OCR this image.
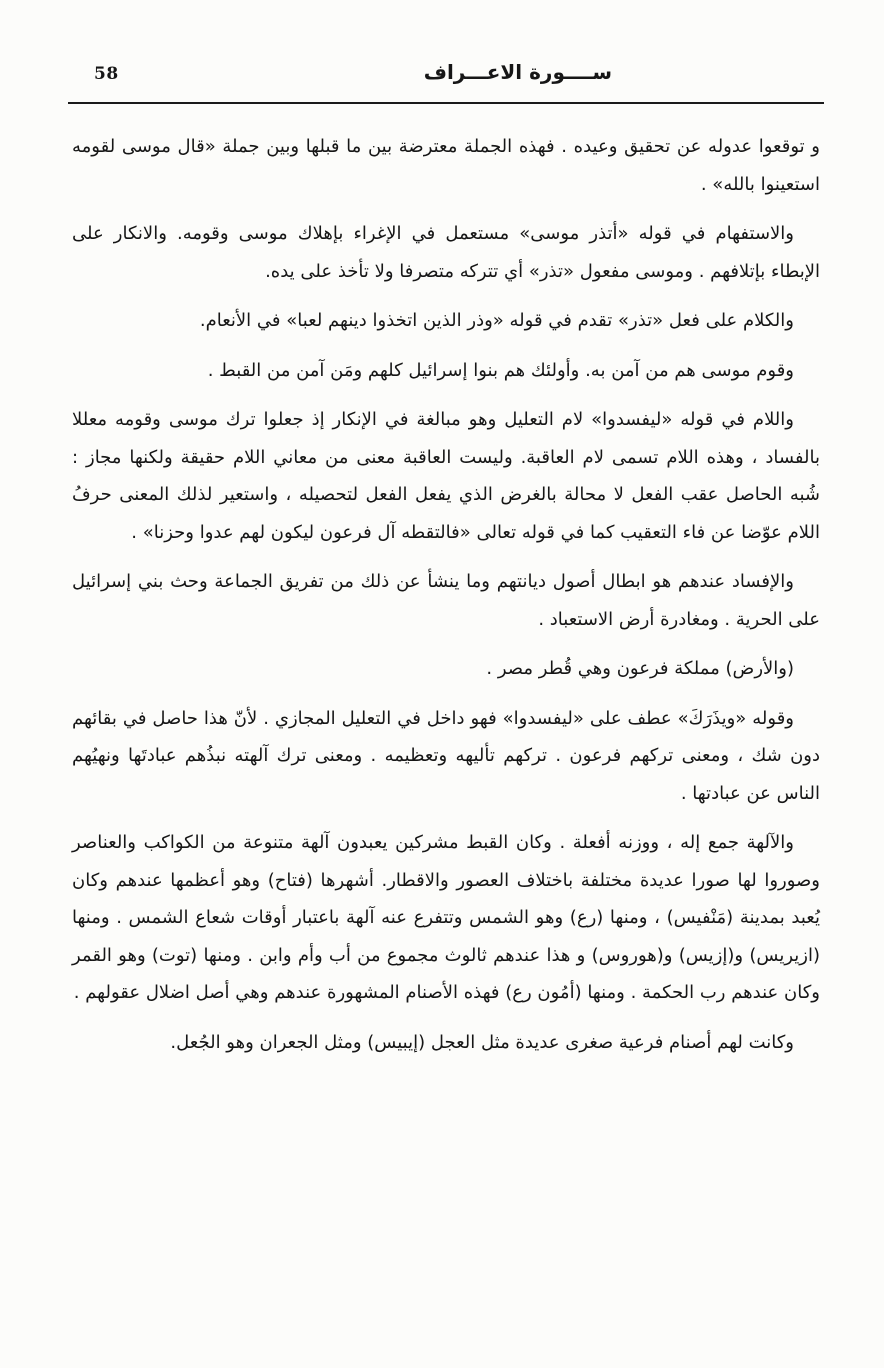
58	ســــورة الاعـــراف

و توقعوا عدوله عن تحقيق وعيده . فهذه الجملة معترضة بين ما قبلها وبين جملة «قال موسى لقومه استعينوا بالله» .

والاستفهام في قوله «أتذر موسى» مستعمل في الإغراء بإهلاك موسى وقومه. والانكار على الإبطاء بإتلافهم . وموسى مفعول «تذر» أي تتركه متصرفا ولا تأخذ على يده.

والكلام على فعل «تذر» تقدم في قوله «وذر الذين اتخذوا دينهم لعبا» في الأنعام.

وقوم موسى هم من آمن به. وأولئك هم بنوا إسرائيل كلهم ومَن آمن من القبط .

واللام في قوله «ليفسدوا» لام التعليل وهو مبالغة في الإنكار إذ جعلوا ترك موسى وقومه معللا بالفساد ، وهذه اللام تسمى لام العاقبة. وليست العاقبة معنى من معاني اللام حقيقة ولكنها مجاز : شُبه الحاصل عقب الفعل لا محالة بالغرض الذي يفعل الفعل لتحصيله ، واستعير لذلك المعنى حرفُ اللام عوّضا عن فاء التعقيب كما في قوله تعالى «فالتقطه آل فرعون ليكون لهم عدوا وحزنا» .

والإفساد عندهم هو ابطال أصول ديانتهم وما ينشأ عن ذلك من تفريق الجماعة وحث بني إسرائيل على الحرية . ومغادرة أرض الاستعباد .

(والأرض) مملكة فرعون وهي قُطر مصر .

وقوله «ويذَرَكَ» عطف على «ليفسدوا» فهو داخل في التعليل المجازي . لأنّ هذا حاصل في بقائهم دون شك ، ومعنى تركهم فرعون . تركهم تأليهه وتعظيمه . ومعنى ترك آلهته نبذُهم عبادتَها ونهيُهم الناس عن عبادتها .

والآلهة جمع إله ، ووزنه أفعلة . وكان القبط مشركين يعبدون آلهة متنوعة من الكواكب والعناصر وصوروا لها صورا عديدة مختلفة باختلاف العصور والاقطار. أشهرها (فتاح) وهو أعظمها عندهم وكان يُعبد بمدينة (مَنْفيس) ، ومنها (رع) وهو الشمس وتتفرع عنه آلهة باعتبار أوقات شعاع الشمس . ومنها (ازيريس) و(إزيس) و(هوروس) و هذا عندهم ثالوث مجموع من أب وأم وابن . ومنها (توت) وهو القمر وكان عندهم رب الحكمة . ومنها (أمُون رع) فهذه الأصنام المشهورة عندهم وهي أصل اضلال عقولهم .

وكانت لهم أصنام فرعية صغرى عديدة مثل العجل (إيبيس) ومثل الجعران وهو الجُعل.
